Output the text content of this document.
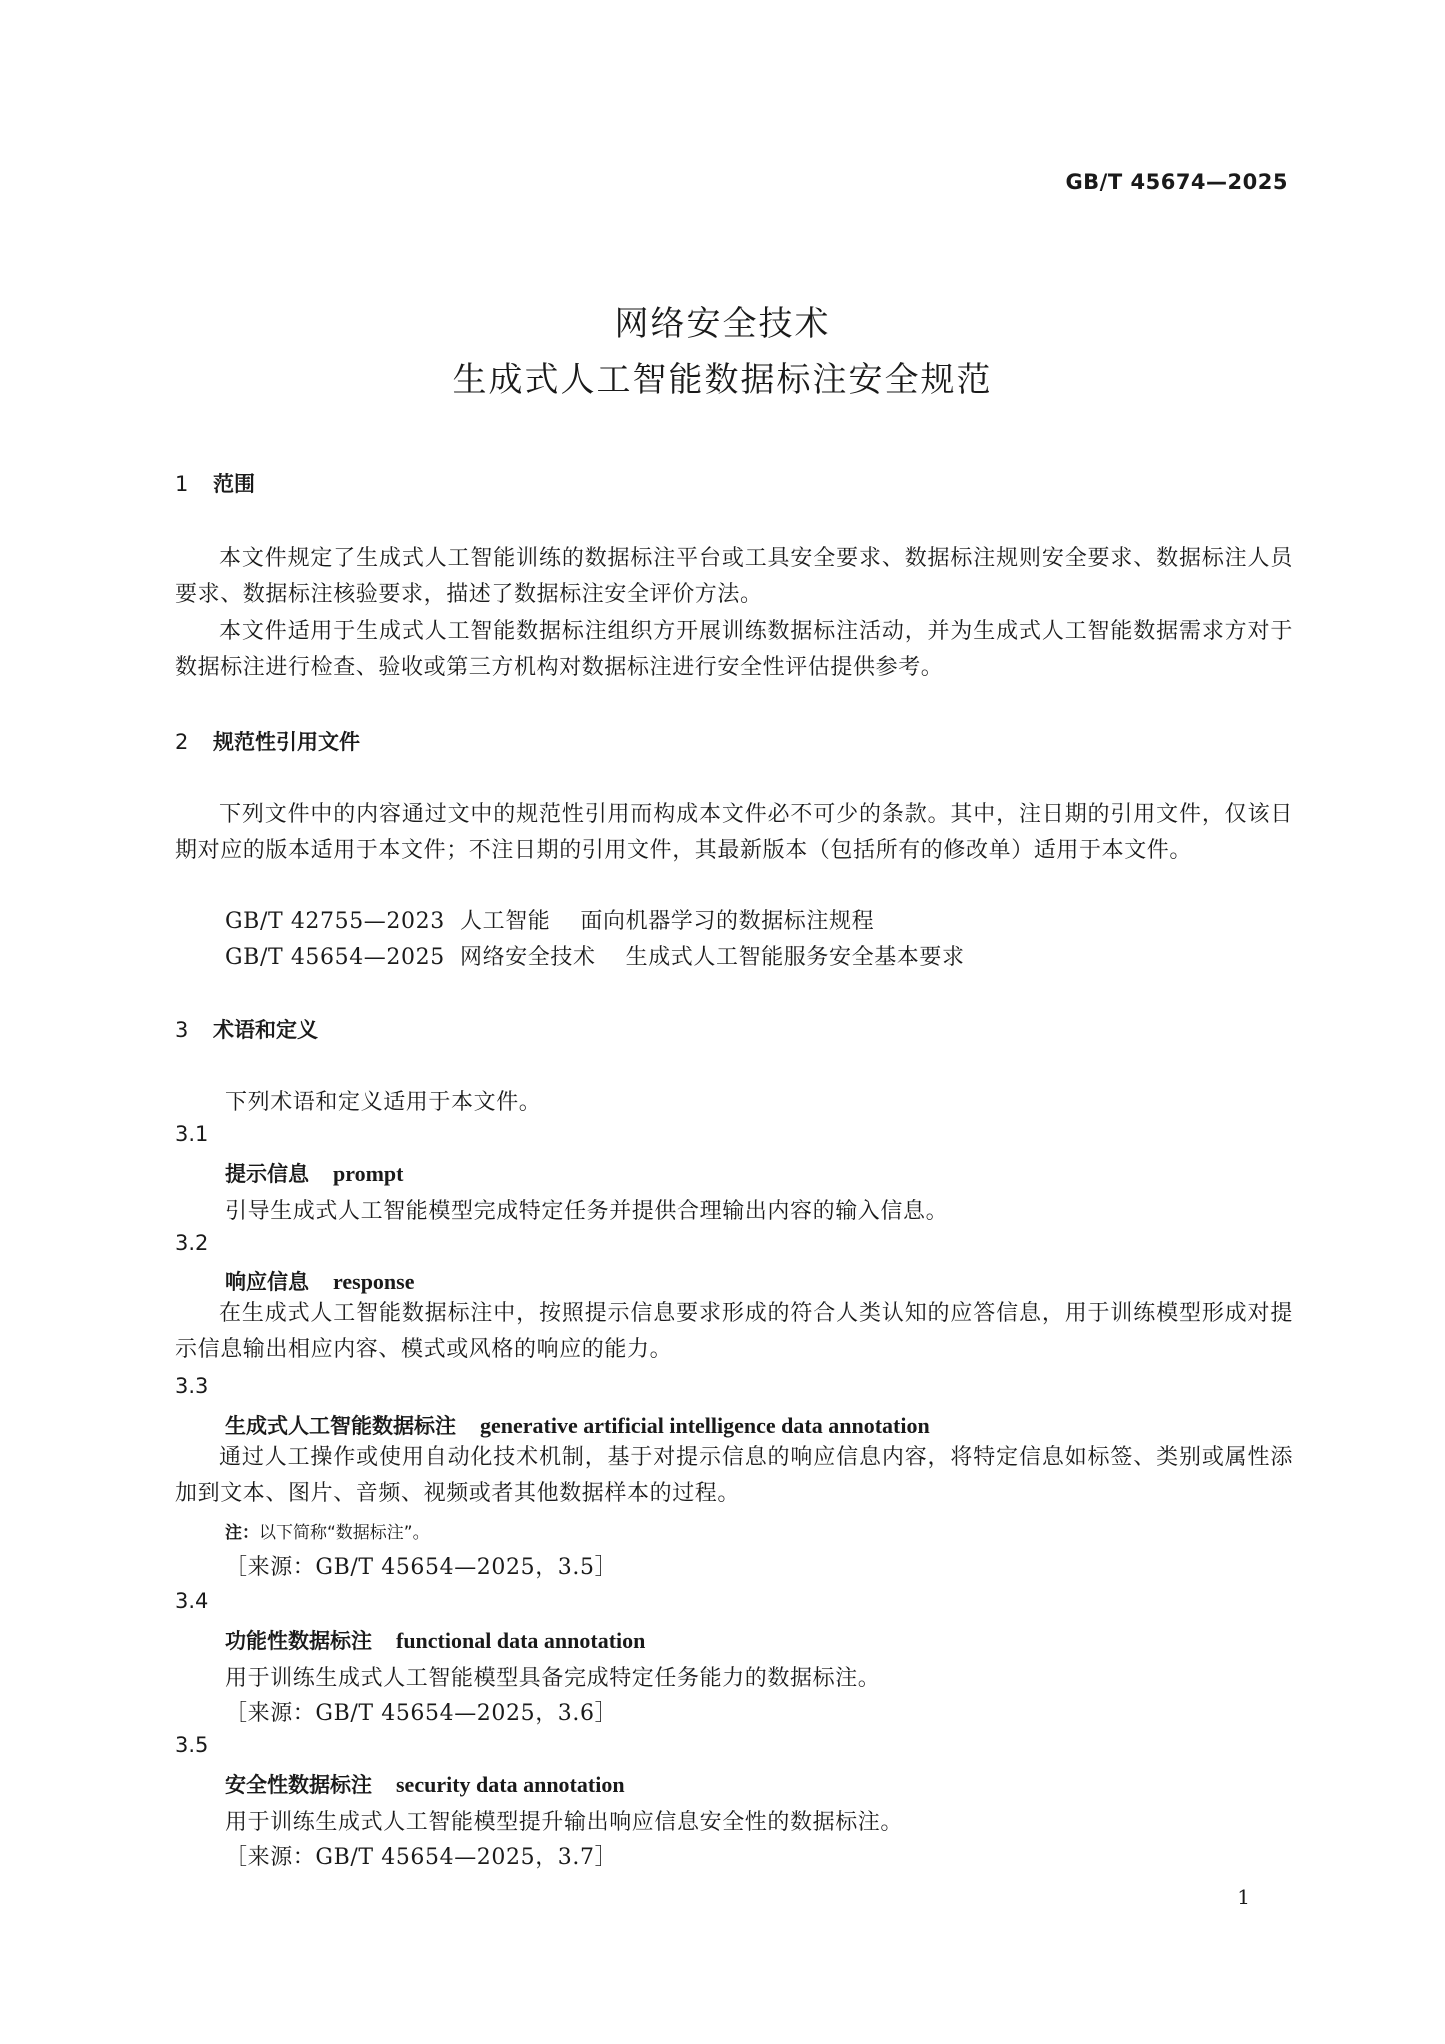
GB/T 45674—2025
网络安全技术
生成式人工智能数据标注安全规范
1 范围
本文件规定了生成式人工智能训练的数据标注平台或工具安全要求、数据标注规则安全要求、数据标注人员要求、数据标注核验要求，描述了数据标注安全评价方法。
本文件适用于生成式人工智能数据标注组织方开展训练数据标注活动，并为生成式人工智能数据需求方对于数据标注进行检查、验收或第三方机构对数据标注进行安全性评估提供参考。
2 规范性引用文件
下列文件中的内容通过文中的规范性引用而构成本文件必不可少的条款。其中，注日期的引用文件，仅该日期对应的版本适用于本文件；不注日期的引用文件，其最新版本（包括所有的修改单）适用于本文件。
GB/T 42755—2023 人工智能 面向机器学习的数据标注规程
GB/T 45654—2025 网络安全技术 生成式人工智能服务安全基本要求
3 术语和定义
下列术语和定义适用于本文件。
3.1
提示信息 prompt
引导生成式人工智能模型完成特定任务并提供合理输出内容的输入信息。
3.2
响应信息 response
在生成式人工智能数据标注中，按照提示信息要求形成的符合人类认知的应答信息，用于训练模型形成对提示信息输出相应内容、模式或风格的响应的能力。
3.3
生成式人工智能数据标注 generative artificial intelligence data annotation
通过人工操作或使用自动化技术机制，基于对提示信息的响应信息内容，将特定信息如标签、类别或属性添加到文本、图片、音频、视频或者其他数据样本的过程。
注：以下简称“数据标注”。
［来源：GB/T 45654—2025，3.5］
3.4
功能性数据标注 functional data annotation
用于训练生成式人工智能模型具备完成特定任务能力的数据标注。
［来源：GB/T 45654—2025，3.6］
3.5
安全性数据标注 security data annotation
用于训练生成式人工智能模型提升输出响应信息安全性的数据标注。
［来源：GB/T 45654—2025，3.7］
1
